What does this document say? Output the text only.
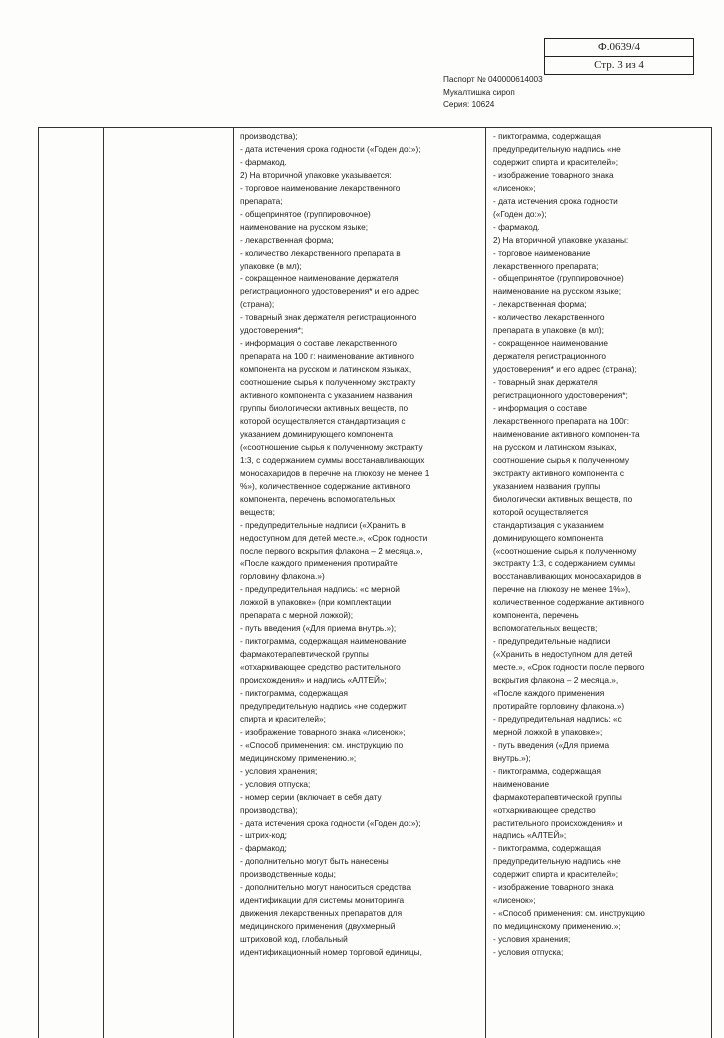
Ф.0639/4
Стр. 3 из 4
Паспорт № 040000614003
Мукалтишка сироп
Серия: 10624
производства);
- дата истечения срока годности («Годен до:»);
- фармакод.
2) На вторичной упаковке указывается:
- торговое наименование лекарственного
препарата;
- общепринятое (группировочное)
наименование на русском языке;
- лекарственная форма;
- количество лекарственного препарата в
упаковке (в мл);
- сокращенное наименование держателя
регистрационного удостоверения* и его адрес
(страна);
- товарный знак держателя регистрационного
удостоверения*;
- информация о составе лекарственного
препарата на 100 г: наименование активного
компонента на русском и латинском языках,
соотношение сырья к полученному экстракту
активного компонента с указанием названия
группы биологически активных веществ, по
которой осуществляется стандартизация с
указанием доминирующего компонента
(«соотношение сырья к полученному экстракту
1:3, с содержанием суммы восстанавливающих
моносахаридов в перечне на глюкозу не менее 1
%»), количественное содержание активного
компонента, перечень вспомогательных
веществ;
- предупредительные надписи («Хранить в
недоступном для детей месте.», «Срок годности
после первого вскрытия флакона – 2 месяца.»,
«После каждого применения протирайте
горловину флакона.»)
- предупредительная надпись: «с мерной
ложкой в упаковке» (при комплектации
препарата с мерной ложкой);
- путь введения («Для приема внутрь.»);
- пиктограмма, содержащая наименование
фармакотерапевтической группы
«отхаркивающее средство растительного
происхождения» и надпись «АЛТЕЙ»;
- пиктограмма, содержащая
предупредительную надпись «не содержит
спирта и красителей»;
- изображение товарного знака «лисенок»;
- «Способ применения: см. инструкцию по
медицинскому применению.»;
- условия хранения;
- условия отпуска;
- номер серии (включает в себя дату
производства);
- дата истечения срока годности («Годен до:»);
- штрих-код;
- фармакод;
- дополнительно могут быть нанесены
производственные коды;
- дополнительно могут наноситься средства
идентификации для системы мониторинга
движения лекарственных препаратов для
медицинского применения (двухмерный
штриховой код, глобальный
идентификационный номер торговой единицы,
- пиктограмма, содержащая
предупредительную надпись «не
содержит спирта и красителей»;
- изображение товарного знака
«лисенок»;
- дата истечения срока годности
(«Годен до:»);
- фармакод.
2) На вторичной упаковке указаны:
- торговое наименование
лекарственного препарата;
- общепринятое (группировочное)
наименование на русском языке;
- лекарственная форма;
- количество лекарственного
препарата в упаковке (в мл);
- сокращенное наименование
держателя регистрационного
удостоверения* и его адрес (страна);
- товарный знак держателя
регистрационного удостоверения*;
- информация о составе
лекарственного препарата на 100г:
наименование активного компонен-та
на русском и латинском языках,
соотношение сырья к полученному
экстракту активного компонента с
указанием названия группы
биологически активных веществ, по
которой осуществляется
стандартизация с указанием
доминирующего компонента
(«соотношение сырья к полученному
экстракту 1:3, с содержанием суммы
восстанавливающих моносахаридов в
перечне на глюкозу не менее 1%»),
количественное содержание активного
компонента, перечень
вспомогательных веществ;
- предупредительные надписи
(«Хранить в недоступном для детей
месте.», «Срок годности после первого
вскрытия флакона – 2 месяца.»,
«После каждого применения
протирайте горловину флакона.»)
- предупредительная надпись: «с
мерной ложкой в упаковке»;
- путь введения («Для приема
внутрь.»);
- пиктограмма, содержащая
наименование
фармакотерапевтической группы
«отхаркивающее средство
растительного происхождения» и
надпись «АЛТЕЙ»;
- пиктограмма, содержащая
предупредительную надпись «не
содержит спирта и красителей»;
- изображение товарного знака
«лисенок»;
- «Способ применения: см. инструкцию
по медицинскому применению.»;
- условия хранения;
- условия отпуска;
